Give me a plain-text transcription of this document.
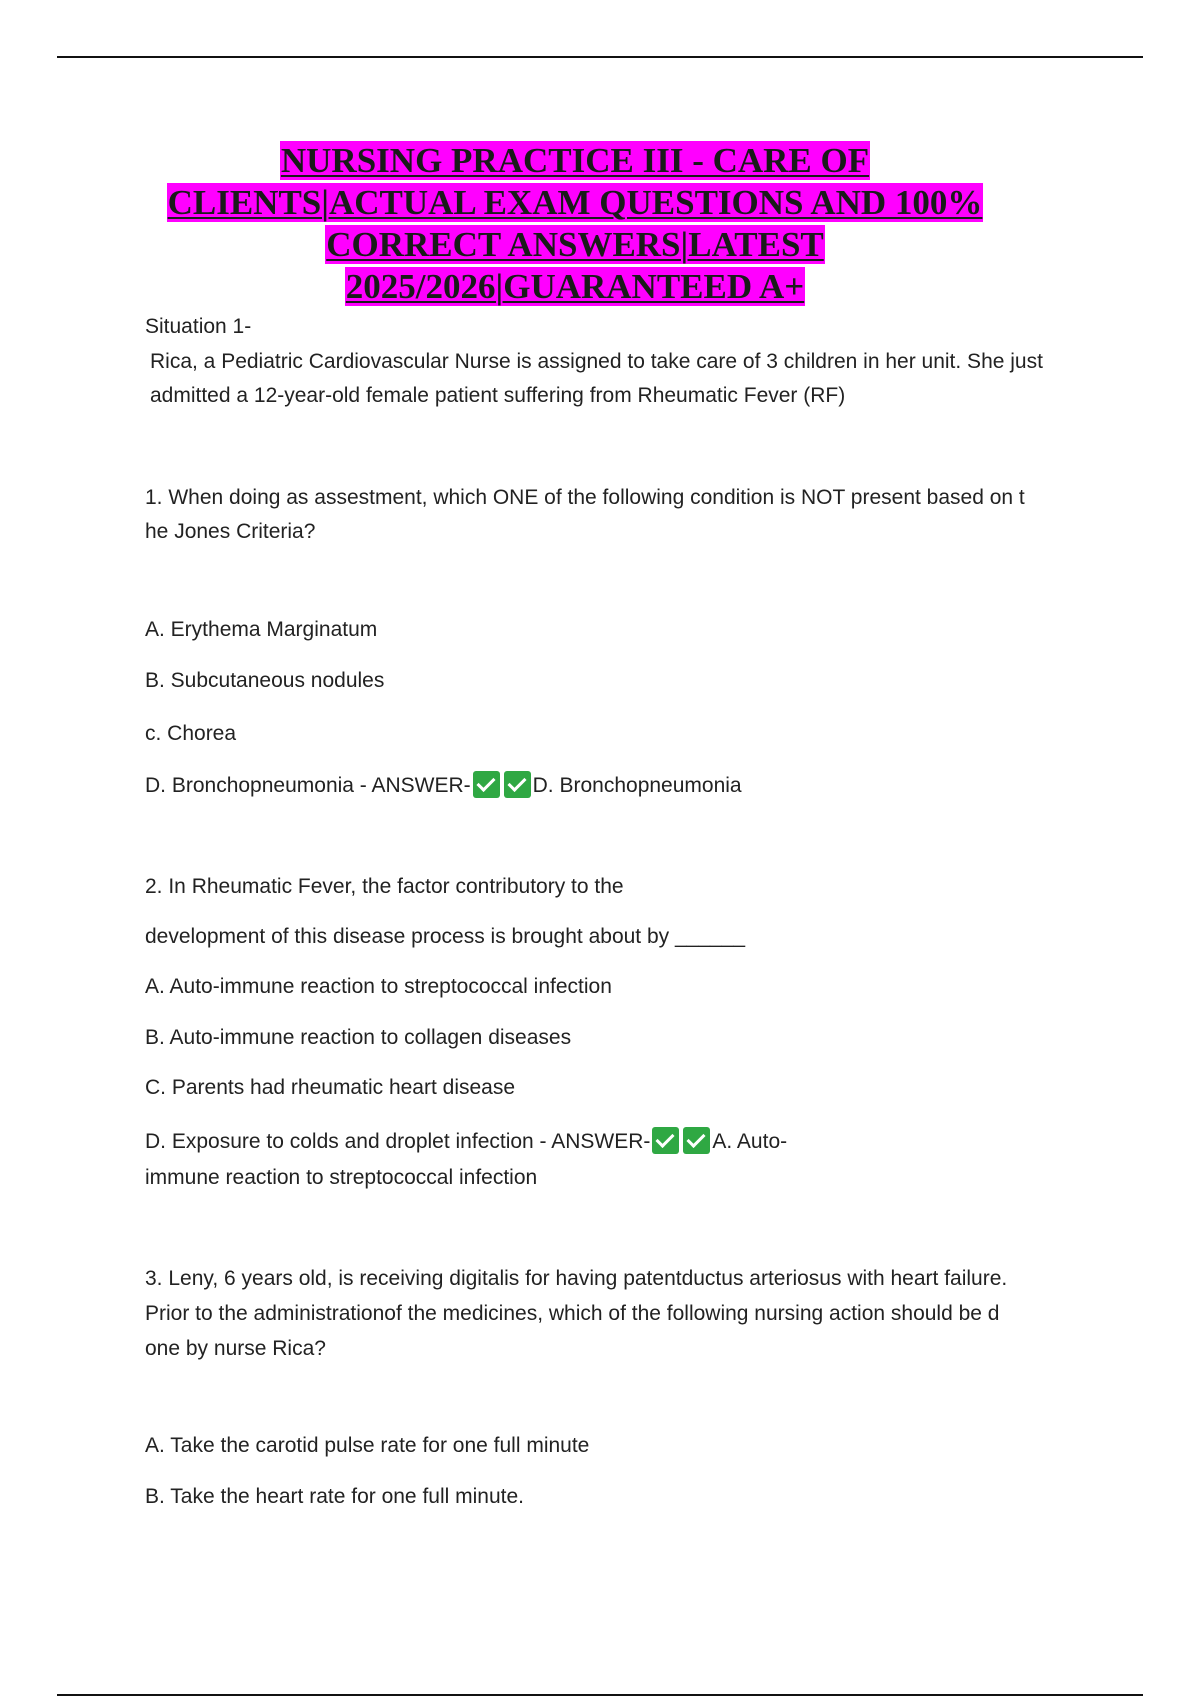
NURSING PRACTICE III - CARE OF
CLIENTS|ACTUAL EXAM QUESTIONS AND 100%
CORRECT ANSWERS|LATEST
2025/2026|GUARANTEED A+
Situation 1-
Rica, a Pediatric Cardiovascular Nurse is assigned to take care of 3 children in her unit. She just
admitted a 12-year-old female patient suffering from Rheumatic Fever (RF)
1. When doing as assestment, which ONE of the following condition is NOT present based on t
he Jones Criteria?
A. Erythema Marginatum
B. Subcutaneous nodules
c. Chorea
D. Bronchopneumonia - ANSWER-	D. Bronchopneumonia
2. In Rheumatic Fever, the factor contributory to the
development of this disease process is brought about by ______
A. Auto-immune reaction to streptococcal infection
B. Auto-immune reaction to collagen diseases
C. Parents had rheumatic heart disease
D. Exposure to colds and droplet infection - ANSWER-	A. Auto-
immune reaction to streptococcal infection
3. Leny, 6 years old, is receiving digitalis for having patentductus arteriosus with heart failure.
Prior to the administrationof the medicines, which of the following nursing action should be d
one by nurse Rica?
A. Take the carotid pulse rate for one full minute
B. Take the heart rate for one full minute.
